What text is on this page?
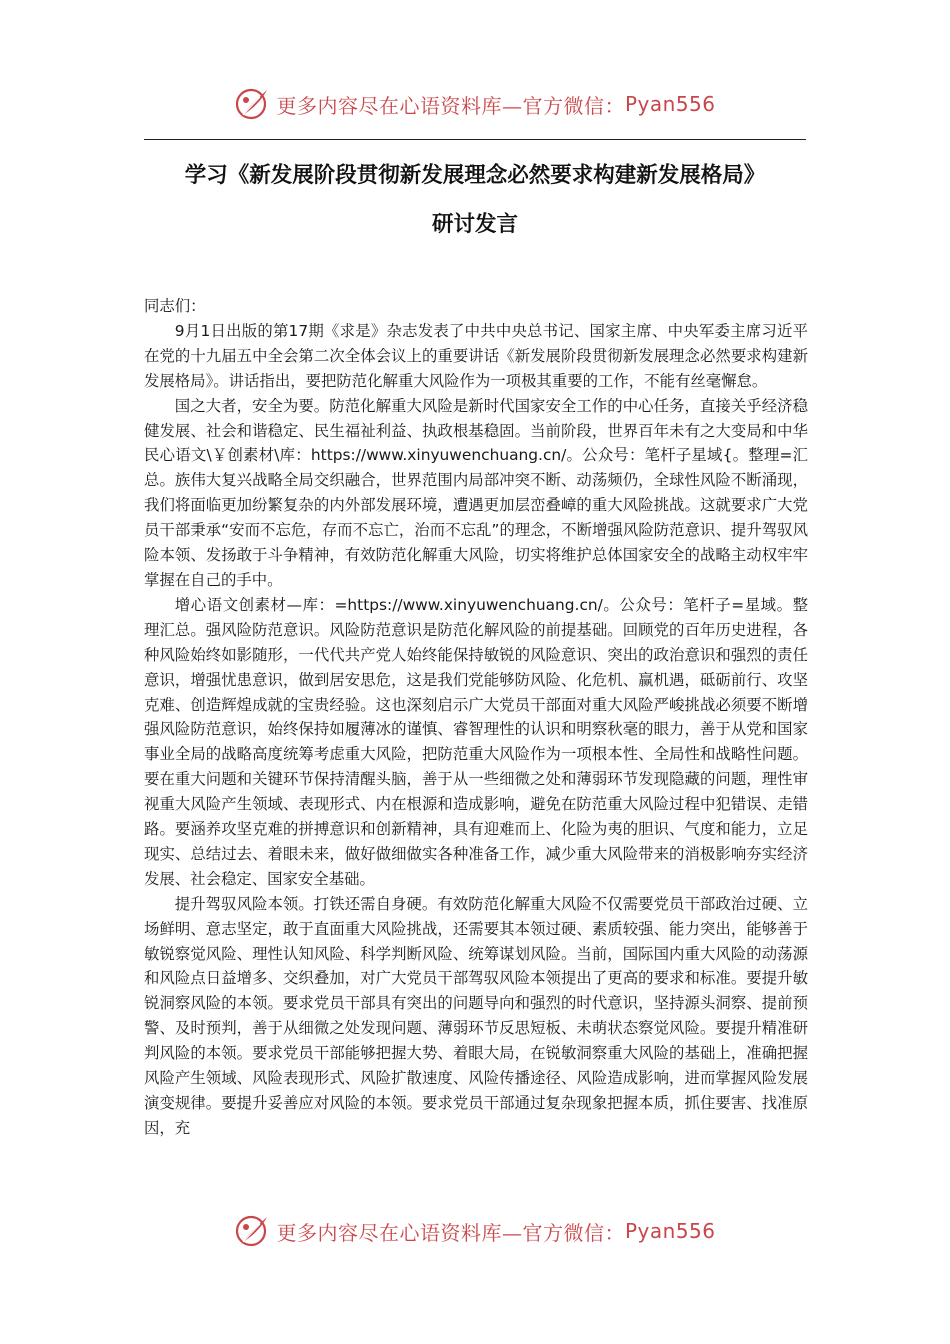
更多内容尽在心语资料库—官方微信： Pyan556
学习《新发展阶段贯彻新发展理念必然要求构建新发展格局》
研讨发言

同志们：

9月1日出版的第17期《求是》杂志发表了中共中央总书记、国家主席、中央军委主席习近平在党的十九届五中全会第二次全体会议上的重要讲话《新发展阶段贯彻新发展理念必然要求构建新发展格局》。讲话指出，要把防范化解重大风险作为一项极其重要的工作，不能有丝毫懈怠。

国之大者，安全为要。防范化解重大风险是新时代国家安全工作的中心任务，直接关乎经济稳健发展、社会和谐稳定、民生福祉利益、执政根基稳固。当前阶段，世界百年未有之大变局和中华民心语文\￥创素材\库：https://www.xinyuwenchuang.cn/。公众号：笔杆子星域{。整理=汇总。族伟大复兴战略全局交织融合，世界范围内局部冲突不断、动荡频仍，全球性风险不断涌现，我们将面临更加纷繁复杂的内外部发展环境，遭遇更加层峦叠嶂的重大风险挑战。这就要求广大党员干部秉承“安而不忘危，存而不忘亡，治而不忘乱”的理念，不断增强风险防范意识、提升驾驭风险本领、发扬敢于斗争精神，有效防范化解重大风险，切实将维护总体国家安全的战略主动权牢牢掌握在自己的手中。

增心语文创素材—库：=https://www.xinyuwenchuang.cn/。公众号：笔杆子=星域。整理汇总。强风险防范意识。风险防范意识是防范化解风险的前提基础。回顾党的百年历史进程，各种风险始终如影随形，一代代共产党人始终能保持敏锐的风险意识、突出的政治意识和强烈的责任意识，增强忧患意识，做到居安思危，这是我们党能够防风险、化危机、赢机遇，砥砺前行、攻坚克难、创造辉煌成就的宝贵经验。这也深刻启示广大党员干部面对重大风险严峻挑战必须要不断增强风险防范意识，始终保持如履薄冰的谨慎、睿智理性的认识和明察秋毫的眼力，善于从党和国家事业全局的战略高度统筹考虑重大风险，把防范重大风险作为一项根本性、全局性和战略性问题。要在重大问题和关键环节保持清醒头脑，善于从一些细微之处和薄弱环节发现隐藏的问题，理性审视重大风险产生领域、表现形式、内在根源和造成影响，避免在防范重大风险过程中犯错误、走错路。要涵养攻坚克难的拼搏意识和创新精神，具有迎难而上、化险为夷的胆识、气度和能力，立足现实、总结过去、着眼未来，做好做细做实各种准备工作，减少重大风险带来的消极影响夯实经济发展、社会稳定、国家安全基础。

提升驾驭风险本领。打铁还需自身硬。有效防范化解重大风险不仅需要党员干部政治过硬、立场鲜明、意志坚定，敢于直面重大风险挑战，还需要其本领过硬、素质较强、能力突出，能够善于敏锐察觉风险、理性认知风险、科学判断风险、统筹谋划风险。当前，国际国内重大风险的动荡源和风险点日益增多、交织叠加，对广大党员干部驾驭风险本领提出了更高的要求和标准。要提升敏锐洞察风险的本领。要求党员干部具有突出的问题导向和强烈的时代意识，坚持源头洞察、提前预警、及时预判，善于从细微之处发现问题、薄弱环节反思短板、未萌状态察觉风险。要提升精准研判风险的本领。要求党员干部能够把握大势、着眼大局，在锐敏洞察重大风险的基础上，准确把握风险产生领域、风险表现形式、风险扩散速度、风险传播途径、风险造成影响，进而掌握风险发展演变规律。要提升妥善应对风险的本领。要求党员干部通过复杂现象把握本质，抓住要害、找准原因，充

更多内容尽在心语资料库—官方微信： Pyan556
